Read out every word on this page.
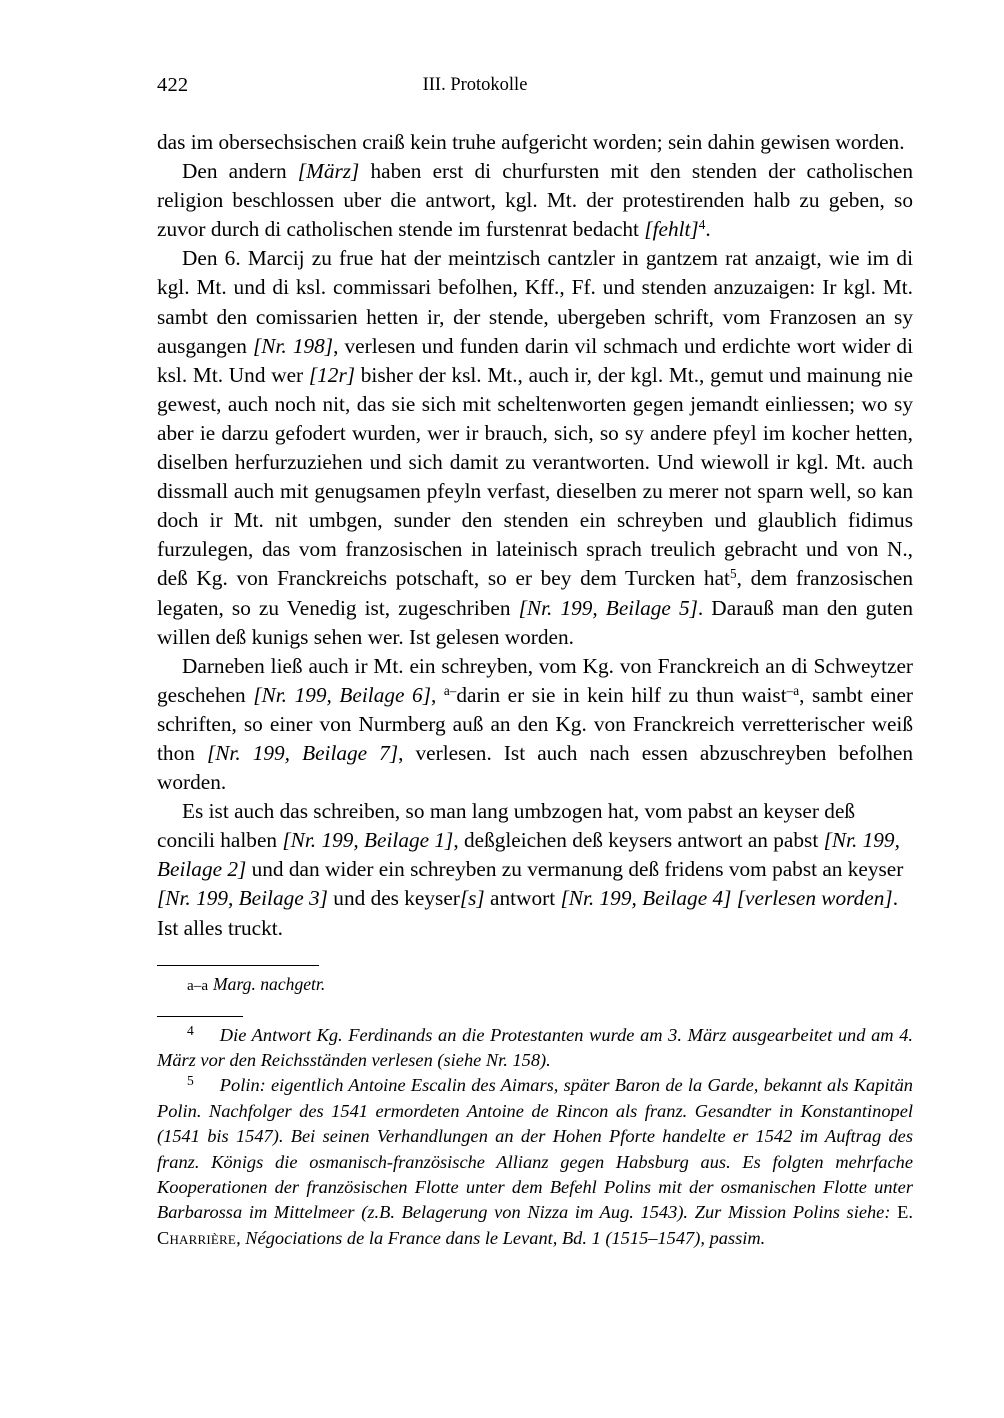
422	III. Protokolle

das im obersechsischen craiß kein truhe aufgericht worden; sein dahin gewisen worden.

Den andern [März] haben erst di churfursten mit den stenden der catholischen religion beschlossen uber die antwort, kgl. Mt. der protestirenden halb zu geben, so zuvor durch di catholischen stende im furstenrat bedacht [fehlt]$^4$.

Den 6. Marcij zu frue hat der meintzisch cantzler in gantzem rat anzaigt, wie im di kgl. Mt. und di ksl. commissari befolhen, Kff., Ff. und stenden anzuzaigen: Ir kgl. Mt. sambt den comissarien hetten ir, der stende, ubergeben schrift, vom Franzosen an sy ausgangen [Nr. 198], verlesen und funden darin vil schmach und erdichte wort wider di ksl. Mt. Und wer [12r] bisher der ksl. Mt., auch ir, der kgl. Mt., gemut und mainung nie gewest, auch noch nit, das sie sich mit scheltenworten gegen jemandt einliessen; wo sy aber ie darzu gefodert wurden, wer ir brauch, sich, so sy andere pfeyl im kocher hetten, diselben herfurzuziehen und sich damit zu verantworten. Und wiewoll ir kgl. Mt. auch dissmall auch mit genugsamen pfeyln verfast, dieselben zu merer not sparn well, so kan doch ir Mt. nit umbgen, sunder den stenden ein schreyben und glaublich fidimus furzulegen, das vom franzosischen in lateinisch sprach treulich gebracht und von N., deß Kg. von Franckreichs potschaft, so er bey dem Turcken hat$^5$, dem franzosischen legaten, so zu Venedig ist, zugeschriben [Nr. 199, Beilage 5]. Darauß man den guten willen deß kunigs sehen wer. Ist gelesen worden.

Darneben ließ auch ir Mt. ein schreyben, vom Kg. von Franckreich an di Schweytzer geschehen [Nr. 199, Beilage 6], $^{a-}$darin er sie in kein hilf zu thun waist$^{-a}$, sambt einer schriften, so einer von Nurmberg auß an den Kg. von Franckreich verretterischer weiß thon [Nr. 199, Beilage 7], verlesen. Ist auch nach essen abzuschreyben befolhen worden.

Es ist auch das schreiben, so man lang umbzogen hat, vom pabst an keyser deß concili halben [Nr. 199, Beilage 1], deßgleichen deß keysers antwort an pabst [Nr. 199, Beilage 2] und dan wider ein schreyben zu vermanung deß fridens vom pabst an keyser [Nr. 199, Beilage 3] und des keyser[s] antwort [Nr. 199, Beilage 4] [verlesen worden]. Ist alles truckt.

a–a Marg. nachgetr.

4 Die Antwort Kg. Ferdinands an die Protestanten wurde am 3. März ausgearbeitet und am 4. März vor den Reichsständen verlesen (siehe Nr. 158).

5 Polin: eigentlich Antoine Escalin des Aimars, später Baron de la Garde, bekannt als Kapitän Polin. Nachfolger des 1541 ermordeten Antoine de Rincon als franz. Gesandter in Konstantinopel (1541 bis 1547). Bei seinen Verhandlungen an der Hohen Pforte handelte er 1542 im Auftrag des franz. Königs die osmanisch-französische Allianz gegen Habsburg aus. Es folgten mehrfache Kooperationen der französischen Flotte unter dem Befehl Polins mit der osmanischen Flotte unter Barbarossa im Mittelmeer (z.B. Belagerung von Nizza im Aug. 1543). Zur Mission Polins siehe: E. Charrière, Négociations de la France dans le Levant, Bd. 1 (1515–1547), passim.
